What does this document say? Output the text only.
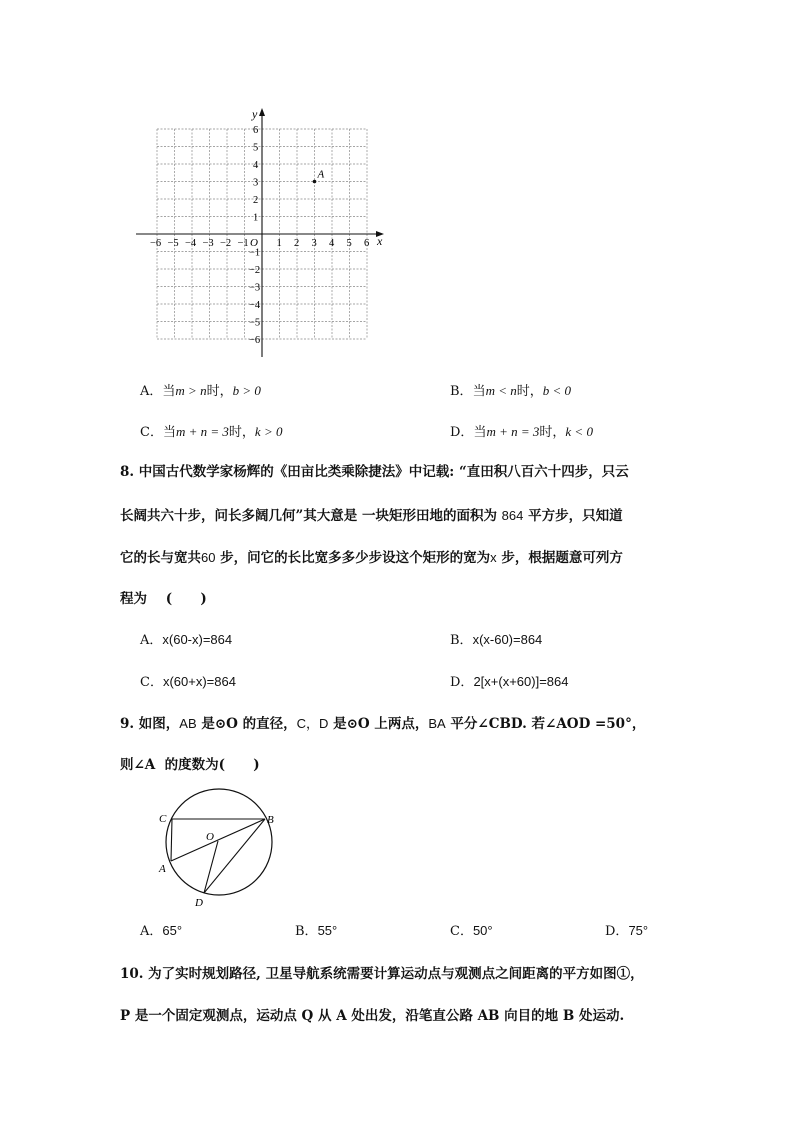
x
y
O
−6 −5 −4 −3 −2 −1	1 2 3 4 5 6
6
5
4
3
2
1
−1
−2
−3
−4
−5
−6
A
A．当m > n时，b > 0	B．当m < n时，b < 0
C．当m + n = 3时，k > 0	D．当m + n = 3时，k < 0
8. 中国古代数学家杨辉的《田亩比类乘除捷法》中记载: “直田积八百六十四步，只云
长阔共六十步，问长多阔几何”其大意是 一块矩形田地的面积为 864 平方步，只知道
它的长与宽共60 步，问它的长比宽多多少步设这个矩形的宽为x 步，根据题意可列方
程为    (      )
A．x(60-x)=864	B．x(x-60)=864
C．x(60+x)=864	D．2[x+(x+60)]=864
9. 如图，AB 是⊙O 的直径，C，D 是⊙O 上两点，BA 平分∠CBD. 若∠AOD =50°，
则∠A  的度数为(      )
C	B
O
A
D
A．65°	B．55°	C．50°	D．75°
10. 为了实时规划路径, 卫星导航系统需要计算运动点与观测点之间距离的平方如图①，
P 是一个固定观测点，运动点 Q 从 A 处出发，沿笔直公路 AB 向目的地 B 处运动.
